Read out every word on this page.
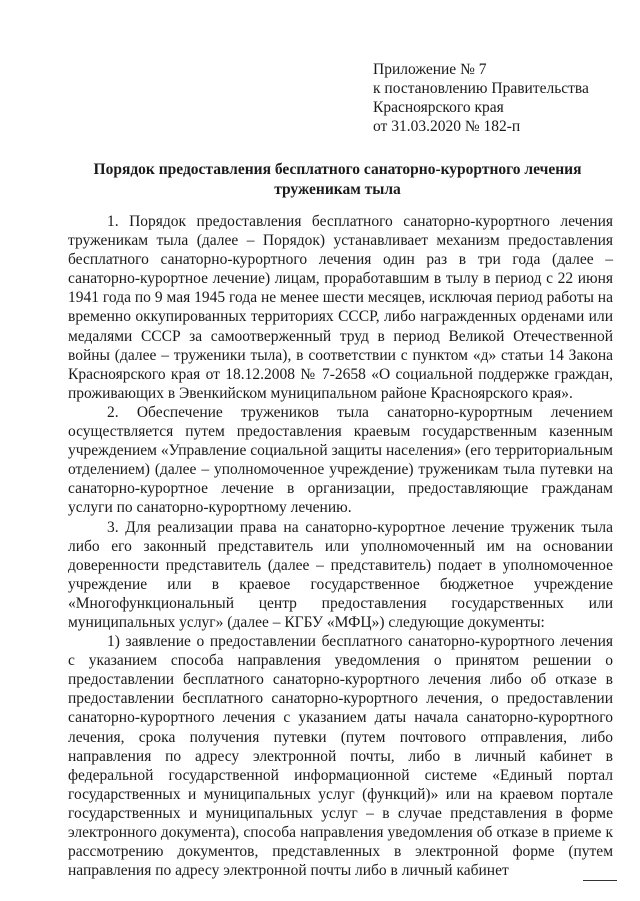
Приложение № 7
к постановлению Правительства
Красноярского края
от 31.03.2020 № 182-п
Порядок предоставления бесплатного санаторно-курортного лечения
труженикам тыла

1. Порядок предоставления бесплатного санаторно-курортного лечения труженикам тыла (далее – Порядок) устанавливает механизм предоставления бесплатного санаторно-курортного лечения один раз в три года (далее – санаторно-курортное лечение) лицам, проработавшим в тылу в период с 22 июня 1941 года по 9 мая 1945 года не менее шести месяцев, исключая период работы на временно оккупированных территориях СССР, либо награжденных орденами или медалями СССР за самоотверженный труд в период Великой Отечественной войны (далее – труженики тыла), в соответствии с пунктом «д» статьи 14 Закона Красноярского края от 18.12.2008 № 7-2658 «О социальной поддержке граждан, проживающих в Эвенкийском муниципальном районе Красноярского края».

2. Обеспечение тружеников тыла санаторно-курортным лечением осуществляется путем предоставления краевым государственным казенным учреждением «Управление социальной защиты населения» (его территориальным отделением) (далее – уполномоченное учреждение) труженикам тыла путевки на санаторно-курортное лечение в организации, предоставляющие гражданам услуги по санаторно-курортному лечению.

3. Для реализации права на санаторно-курортное лечение труженик тыла либо его законный представитель или уполномоченный им на основании доверенности представитель (далее – представитель) подает в уполномоченное учреждение или в краевое государственное бюджетное учреждение «Многофункциональный центр предоставления государственных или муниципальных услуг» (далее – КГБУ «МФЦ») следующие документы:

1) заявление о предоставлении бесплатного санаторно-курортного лечения с указанием способа направления уведомления о принятом решении о предоставлении бесплатного санаторно-курортного лечения либо об отказе в предоставлении бесплатного санаторно-курортного лечения, о предоставлении санаторно-курортного лечения с указанием даты начала санаторно-курортного лечения, срока получения путевки (путем почтового отправления, либо направления по адресу электронной почты, либо в личный кабинет в федеральной государственной информационной системе «Единый портал государственных и муниципальных услуг (функций)» или на краевом портале государственных и муниципальных услуг – в случае представления в форме электронного документа), способа направления уведомления об отказе в приеме к рассмотрению документов, представленных в электронной форме (путем направления по адресу электронной почты либо в личный кабинет
